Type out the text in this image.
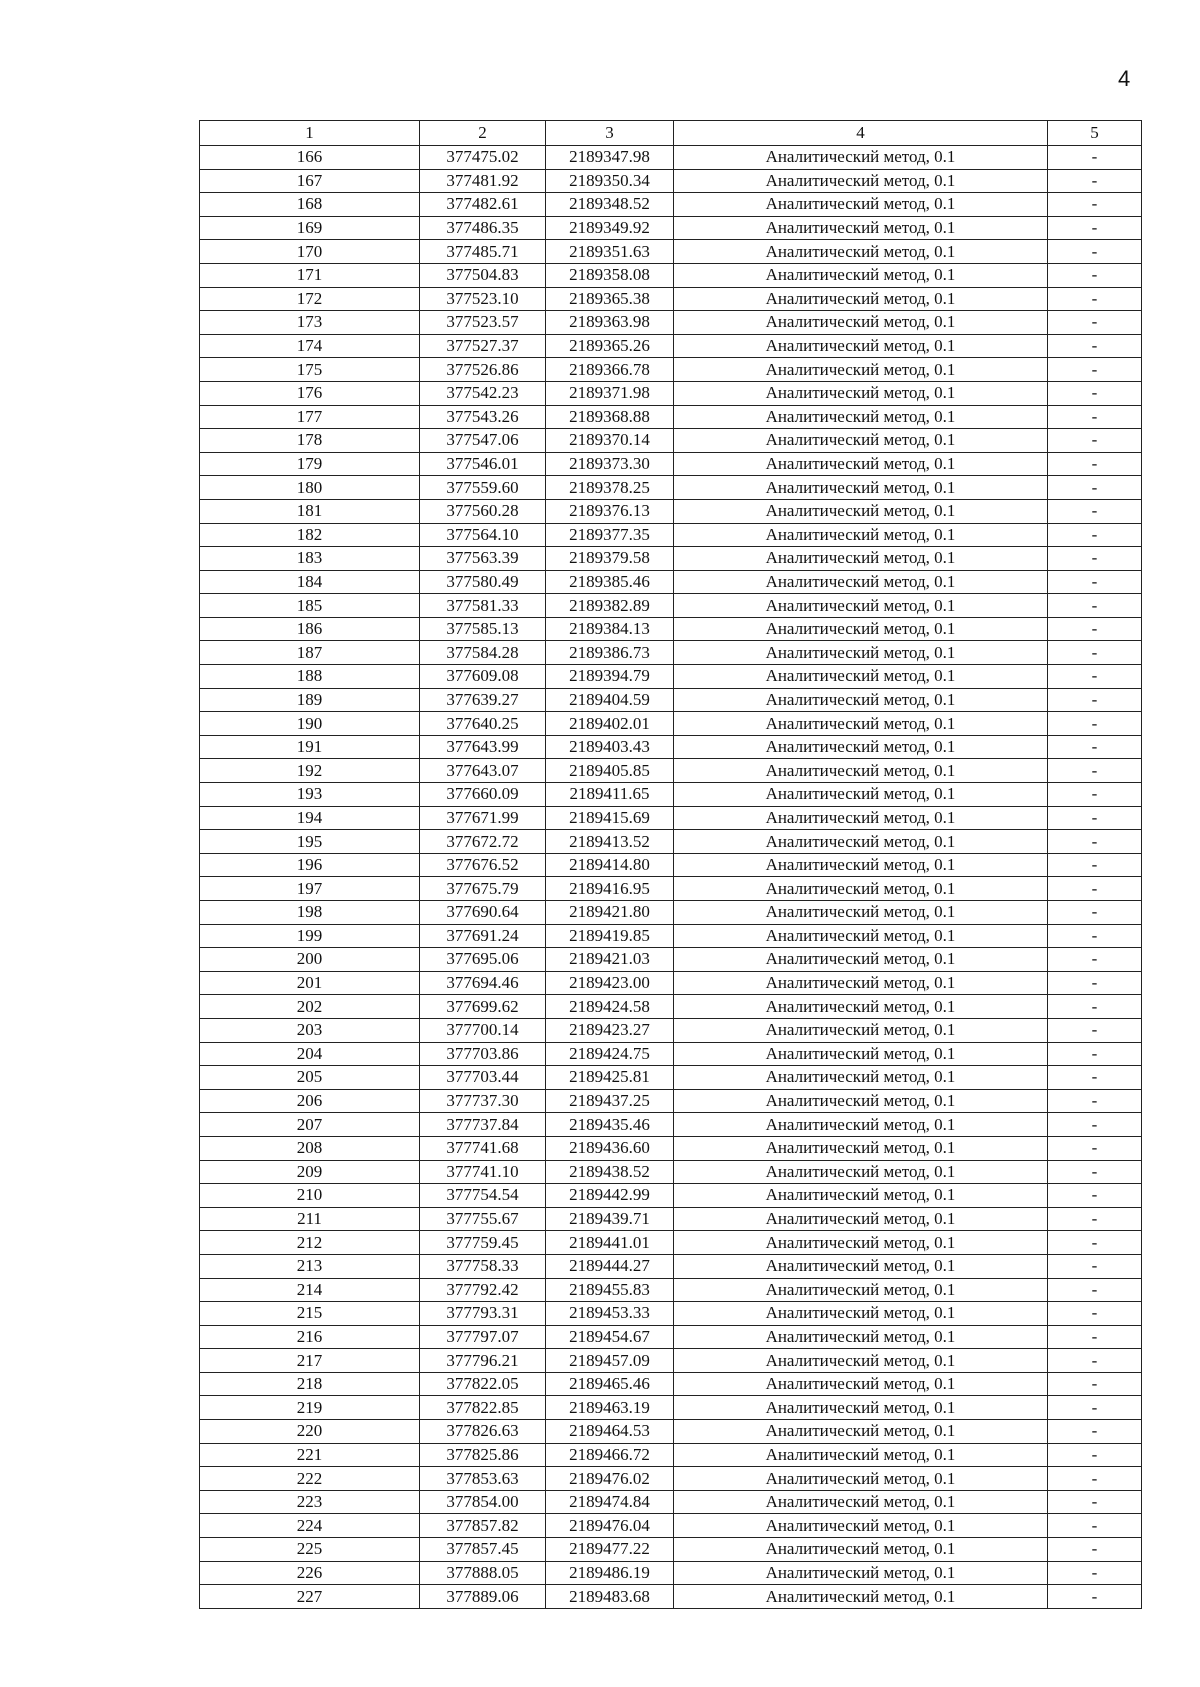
4
1	2	3	4	5
166	377475.02	2189347.98	Аналитический метод, 0.1	-
167	377481.92	2189350.34	Аналитический метод, 0.1	-
168	377482.61	2189348.52	Аналитический метод, 0.1	-
169	377486.35	2189349.92	Аналитический метод, 0.1	-
170	377485.71	2189351.63	Аналитический метод, 0.1	-
171	377504.83	2189358.08	Аналитический метод, 0.1	-
172	377523.10	2189365.38	Аналитический метод, 0.1	-
173	377523.57	2189363.98	Аналитический метод, 0.1	-
174	377527.37	2189365.26	Аналитический метод, 0.1	-
175	377526.86	2189366.78	Аналитический метод, 0.1	-
176	377542.23	2189371.98	Аналитический метод, 0.1	-
177	377543.26	2189368.88	Аналитический метод, 0.1	-
178	377547.06	2189370.14	Аналитический метод, 0.1	-
179	377546.01	2189373.30	Аналитический метод, 0.1	-
180	377559.60	2189378.25	Аналитический метод, 0.1	-
181	377560.28	2189376.13	Аналитический метод, 0.1	-
182	377564.10	2189377.35	Аналитический метод, 0.1	-
183	377563.39	2189379.58	Аналитический метод, 0.1	-
184	377580.49	2189385.46	Аналитический метод, 0.1	-
185	377581.33	2189382.89	Аналитический метод, 0.1	-
186	377585.13	2189384.13	Аналитический метод, 0.1	-
187	377584.28	2189386.73	Аналитический метод, 0.1	-
188	377609.08	2189394.79	Аналитический метод, 0.1	-
189	377639.27	2189404.59	Аналитический метод, 0.1	-
190	377640.25	2189402.01	Аналитический метод, 0.1	-
191	377643.99	2189403.43	Аналитический метод, 0.1	-
192	377643.07	2189405.85	Аналитический метод, 0.1	-
193	377660.09	2189411.65	Аналитический метод, 0.1	-
194	377671.99	2189415.69	Аналитический метод, 0.1	-
195	377672.72	2189413.52	Аналитический метод, 0.1	-
196	377676.52	2189414.80	Аналитический метод, 0.1	-
197	377675.79	2189416.95	Аналитический метод, 0.1	-
198	377690.64	2189421.80	Аналитический метод, 0.1	-
199	377691.24	2189419.85	Аналитический метод, 0.1	-
200	377695.06	2189421.03	Аналитический метод, 0.1	-
201	377694.46	2189423.00	Аналитический метод, 0.1	-
202	377699.62	2189424.58	Аналитический метод, 0.1	-
203	377700.14	2189423.27	Аналитический метод, 0.1	-
204	377703.86	2189424.75	Аналитический метод, 0.1	-
205	377703.44	2189425.81	Аналитический метод, 0.1	-
206	377737.30	2189437.25	Аналитический метод, 0.1	-
207	377737.84	2189435.46	Аналитический метод, 0.1	-
208	377741.68	2189436.60	Аналитический метод, 0.1	-
209	377741.10	2189438.52	Аналитический метод, 0.1	-
210	377754.54	2189442.99	Аналитический метод, 0.1	-
211	377755.67	2189439.71	Аналитический метод, 0.1	-
212	377759.45	2189441.01	Аналитический метод, 0.1	-
213	377758.33	2189444.27	Аналитический метод, 0.1	-
214	377792.42	2189455.83	Аналитический метод, 0.1	-
215	377793.31	2189453.33	Аналитический метод, 0.1	-
216	377797.07	2189454.67	Аналитический метод, 0.1	-
217	377796.21	2189457.09	Аналитический метод, 0.1	-
218	377822.05	2189465.46	Аналитический метод, 0.1	-
219	377822.85	2189463.19	Аналитический метод, 0.1	-
220	377826.63	2189464.53	Аналитический метод, 0.1	-
221	377825.86	2189466.72	Аналитический метод, 0.1	-
222	377853.63	2189476.02	Аналитический метод, 0.1	-
223	377854.00	2189474.84	Аналитический метод, 0.1	-
224	377857.82	2189476.04	Аналитический метод, 0.1	-
225	377857.45	2189477.22	Аналитический метод, 0.1	-
226	377888.05	2189486.19	Аналитический метод, 0.1	-
227	377889.06	2189483.68	Аналитический метод, 0.1	-
